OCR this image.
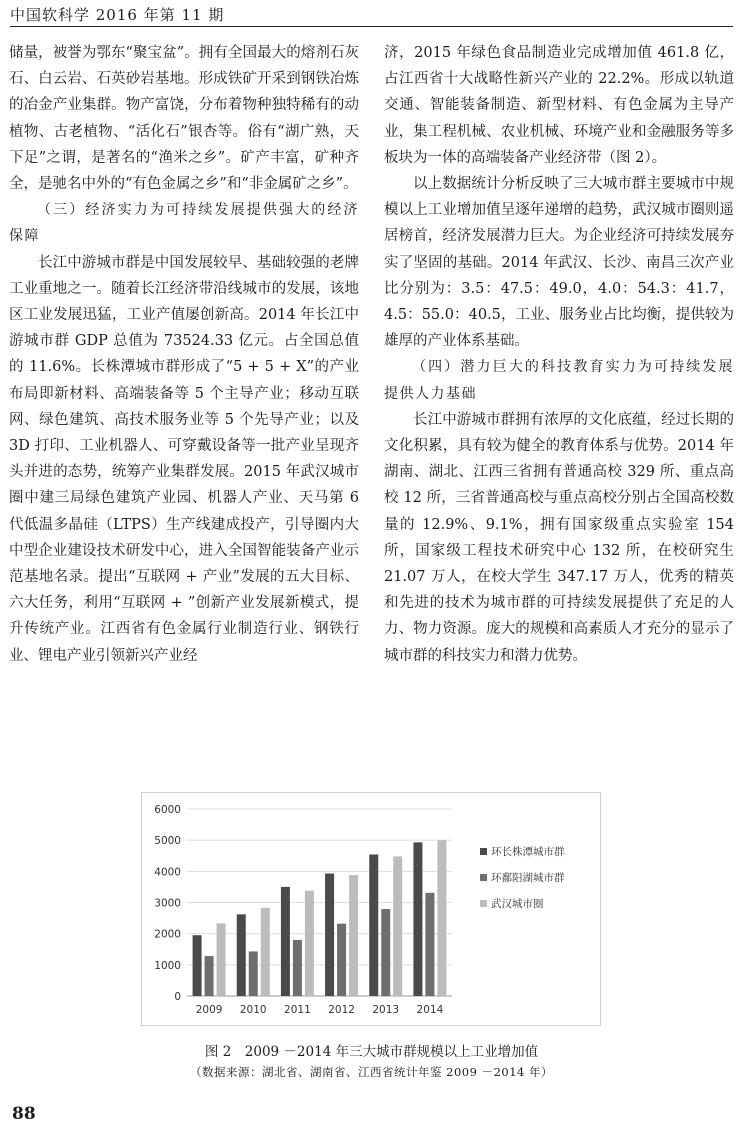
中国软科学 2016 年第 11 期

储量，被誉为鄂东“聚宝盆”。拥有全国最大的熔剂石灰石、白云岩、石英砂岩基地。形成铁矿开采到钢铁冶炼的冶金产业集群。物产富饶，分布着物种独特稀有的动植物、古老植物、“活化石”银杏等。俗有“湖广熟，天下足”之谓，是著名的“渔米之乡”。矿产丰富，矿种齐全，是驰名中外的“有色金属之乡”和“非金属矿之乡”。

（三）经济实力为可持续发展提供强大的经济保障

长江中游城市群是中国发展较早、基础较强的老牌工业重地之一。随着长江经济带沿线城市的发展，该地区工业发展迅猛，工业产值屡创新高。2014 年长江中游城市群 GDP 总值为 73524.33 亿元。占全国总值的 11.6%。长株潭城市群形成了“5 + 5 + X”的产业布局即新材料、高端装备等 5 个主导产业；移动互联网、绿色建筑、高技术服务业等 5 个先导产业；以及 3D 打印、工业机器人、可穿戴设备等一批产业呈现齐头并进的态势，统筹产业集群发展。2015 年武汉城市圈中建三局绿色建筑产业园、机器人产业、天马第 6 代低温多晶硅（LTPS）生产线建成投产，引导圈内大中型企业建设技术研发中心，进入全国智能装备产业示范基地名录。提出“互联网 + 产业”发展的五大目标、六大任务，利用“互联网 + ”创新产业发展新模式，提升传统产业。江西省有色金属行业制造行业、钢铁行业、锂电产业引领新兴产业经

济，2015 年绿色食品制造业完成增加值 461.8 亿，占江西省十大战略性新兴产业的 22.2%。形成以轨道交通、智能装备制造、新型材料、有色金属为主导产业，集工程机械、农业机械、环境产业和金融服务等多板块为一体的高端装备产业经济带（图 2）。

以上数据统计分析反映了三大城市群主要城市中规模以上工业增加值呈逐年递增的趋势，武汉城市圈则遥居榜首，经济发展潜力巨大。为企业经济可持续发展夯实了坚固的基础。2014 年武汉、长沙、南昌三次产业比分别为：3.5：47.5：49.0，4.0：54.3：41.7，4.5：55.0：40.5，工业、服务业占比均衡，提供较为雄厚的产业体系基础。

（四）潜力巨大的科技教育实力为可持续发展提供人力基础

长江中游城市群拥有浓厚的文化底蕴，经过长期的文化积累，具有较为健全的教育体系与优势。2014 年湖南、湖北、江西三省拥有普通高校 329 所、重点高校 12 所，三省普通高校与重点高校分别占全国高校数量的 12.9%、9.1%，拥有国家级重点实验室 154 所，国家级工程技术研究中心 132 所，在校研究生 21.07 万人，在校大学生 347.17 万人，优秀的精英和先进的技术为城市群的可持续发展提供了充足的人力、物力资源。庞大的规模和高素质人才充分的显示了城市群的科技实力和潜力优势。

0
1000
2000
3000
4000
5000
6000
2009 2010 2011 2012 2013 2014
环长株潭城市群
环鄱阳湖城市群
武汉城市圈
图 2　2009 －2014 年三大城市群规模以上工业增加值
（数据来源：湖北省、湖南省、江西省统计年鉴 2009 －2014 年）
88
